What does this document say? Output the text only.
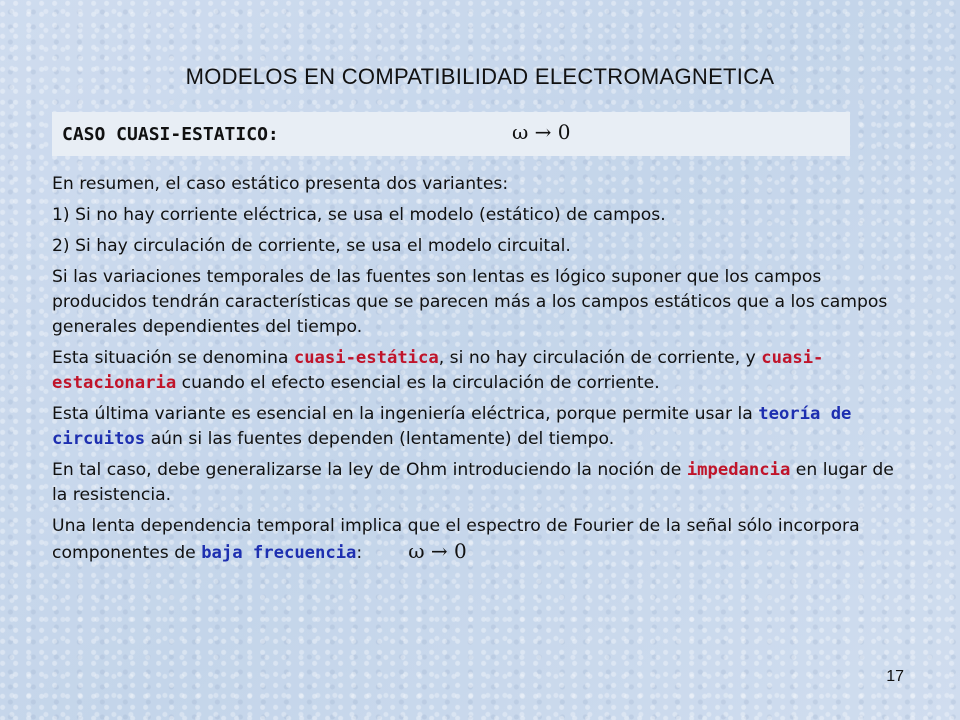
MODELOS EN COMPATIBILIDAD ELECTROMAGNETICA
CASO CUASI-ESTATICO:	ω → 0

En resumen, el caso estático presenta dos variantes:

1) Si no hay corriente eléctrica, se usa el modelo (estático) de campos.

2) Si hay circulación de corriente, se usa el modelo circuital.

Si las variaciones temporales de las fuentes son lentas es lógico suponer que los campos producidos tendrán características que se parecen más a los campos estáticos que a los campos generales dependientes del tiempo.

Esta situación se denomina cuasi-estática, si no hay circulación de corriente, y cuasi-estacionaria cuando el efecto esencial es la circulación de corriente.

Esta última variante es esencial en la ingeniería eléctrica, porque permite usar la teoría de circuitos aún si las fuentes dependen (lentamente) del tiempo.

En tal caso, debe generalizarse la ley de Ohm introduciendo la noción de impedancia en lugar de la resistencia.

Una lenta dependencia temporal implica que el espectro de Fourier de la señal sólo incorpora componentes de baja frecuencia: ω → 0

17
